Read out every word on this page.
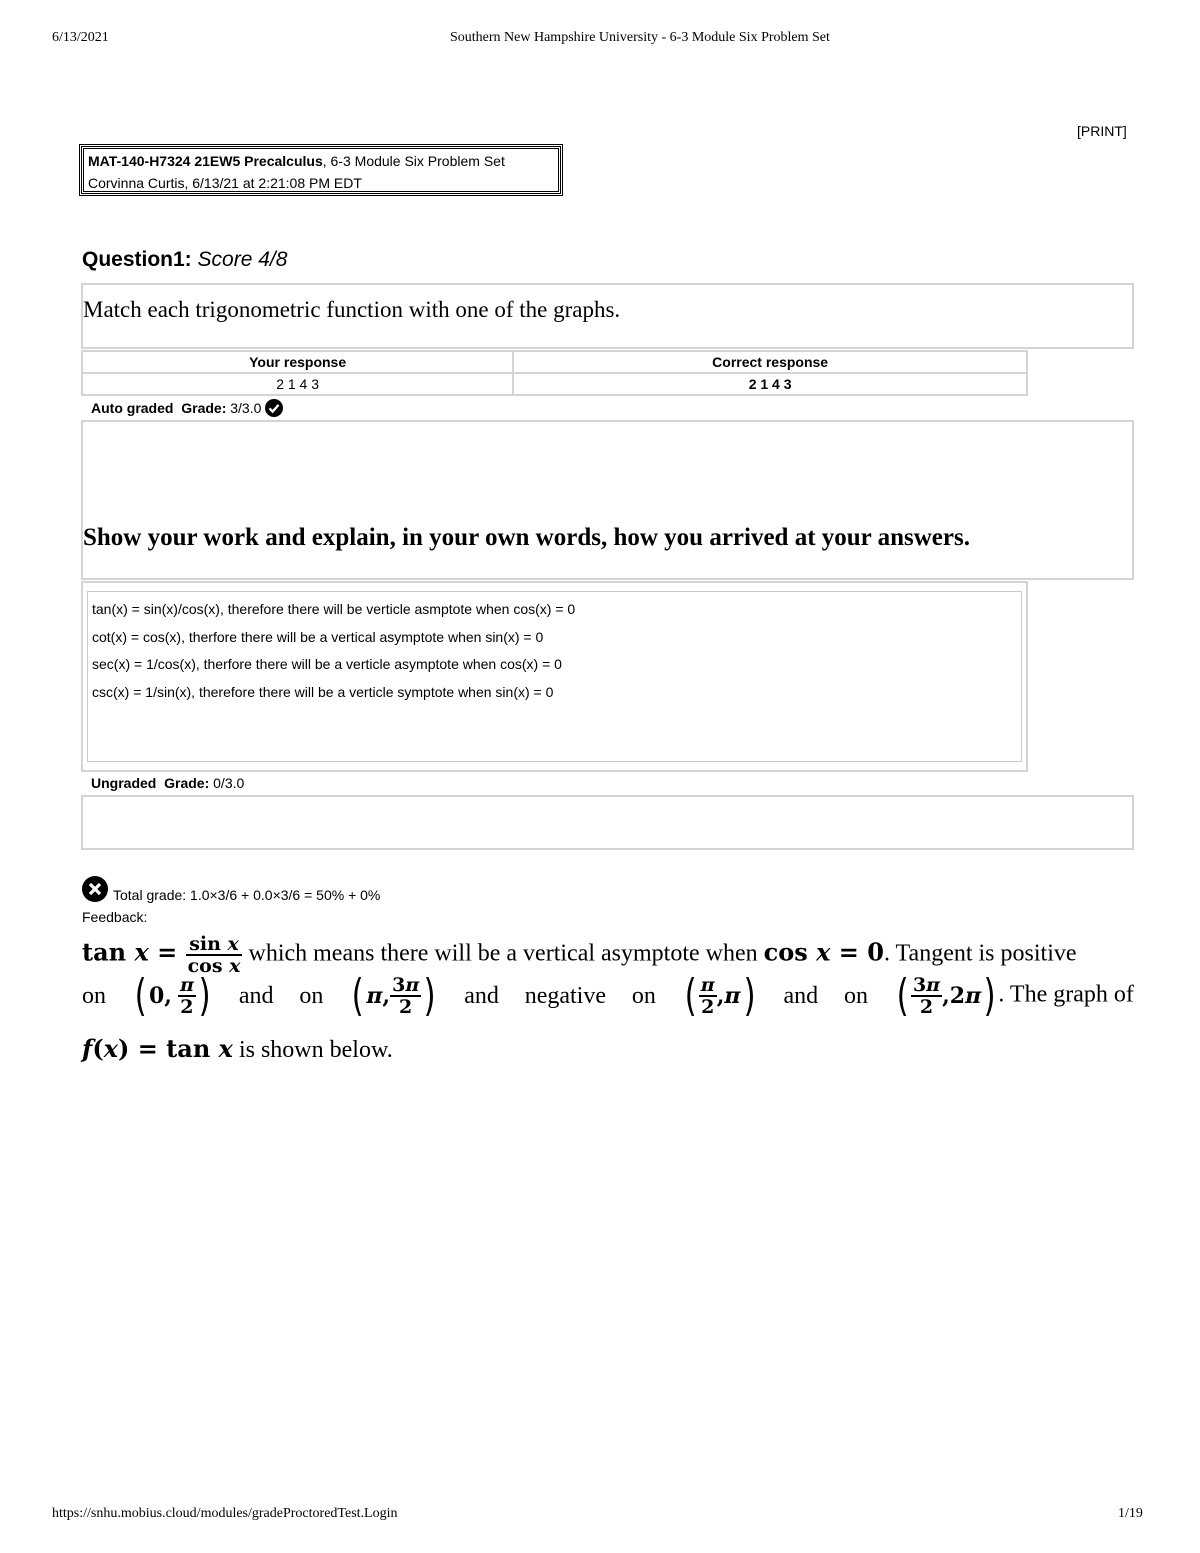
6/13/2021	Southern New Hampshire University - 6-3 Module Six Problem Set
[PRINT]
MAT-140-H7324 21EW5 Precalculus, 6-3 Module Six Problem Set
Corvinna Curtis, 6/13/21 at 2:21:08 PM EDT
Question1: Score 4/8
Match each trigonometric function with one of the graphs.
Your response	Correct response
2 1 4 3	2 1 4 3
Auto graded Grade: 3/3.0
Show your work and explain, in your own words, how you arrived at your answers.
tan(x) = sin(x)/cos(x), therefore there will be verticle asmptote when cos(x) = 0
cot(x) = cos(x), therfore there will be a vertical asymptote when sin(x) = 0
sec(x) = 1/cos(x), therfore there will be a verticle asymptote when cos(x) = 0
csc(x) = 1/sin(x), therefore there will be a verticle symptote when sin(x) = 0
Ungraded Grade: 0/3.0
Total grade: 1.0×3/6 + 0.0×3/6 = 50% + 0%
Feedback:
$\tan x = \frac{\text{sin x}}{\text{cos x}}$ which means there will be a vertical asymptote when cos x = 0. Tangent is positive
on ( 0, $\frac{\pi}{2}$ ) and on ( π, $\frac{3\pi}{2}$ ) and negative on ( $\frac{\pi}{2} ,\pi$) and on ( $\frac{3\pi}{2} ,2\pi$) . The graph of
f(x) = tan x is shown below.
https://snhu.mobius.cloud/modules/gradeProctoredTest.Login	1/19
